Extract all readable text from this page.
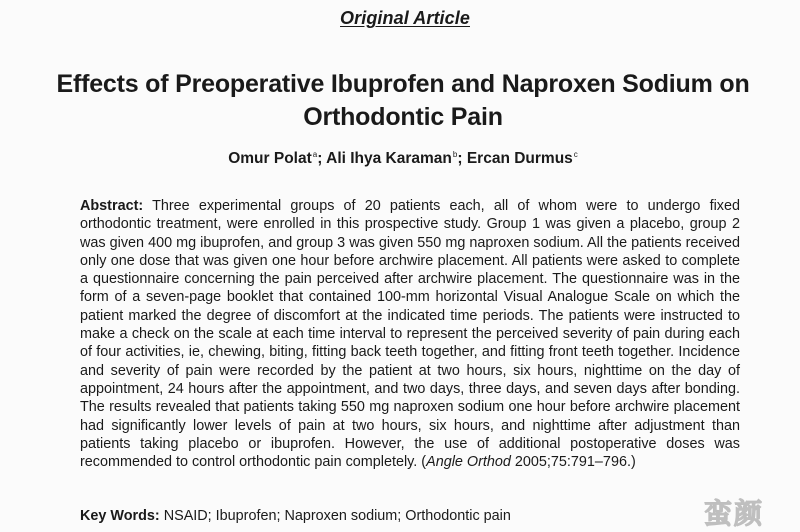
Original Article
Effects of Preoperative Ibuprofen and Naproxen Sodium on Orthodontic Pain
Omur Polat$^a$; Ali Ihya Karaman$^b$; Ercan Durmus$^c$
Abstract: Three experimental groups of 20 patients each, all of whom were to undergo fixed orthodontic treatment, were enrolled in this prospective study. Group 1 was given a placebo, group 2 was given 400 mg ibuprofen, and group 3 was given 550 mg naproxen sodium. All the patients received only one dose that was given one hour before archwire placement. All patients were asked to complete a questionnaire concerning the pain perceived after archwire placement. The questionnaire was in the form of a seven-page booklet that contained 100-mm horizontal Visual Analogue Scale on which the patient marked the degree of discomfort at the indicated time periods. The patients were instructed to make a check on the scale at each time interval to represent the perceived severity of pain during each of four activities, ie, chewing, biting, fitting back teeth together, and fitting front teeth together. Incidence and severity of pain were recorded by the patient at two hours, six hours, nighttime on the day of appointment, 24 hours after the appointment, and two days, three days, and seven days after bonding. The results revealed that patients taking 550 mg naproxen sodium one hour before archwire placement had significantly lower levels of pain at two hours, six hours, and nighttime after adjustment than patients taking placebo or ibuprofen. However, the use of additional postoperative doses was recommended to control orthodontic pain completely. (Angle Orthod 2005;75:791–796.)
Key Words: NSAID; Ibuprofen; Naproxen sodium; Orthodontic pain	蛮颜
